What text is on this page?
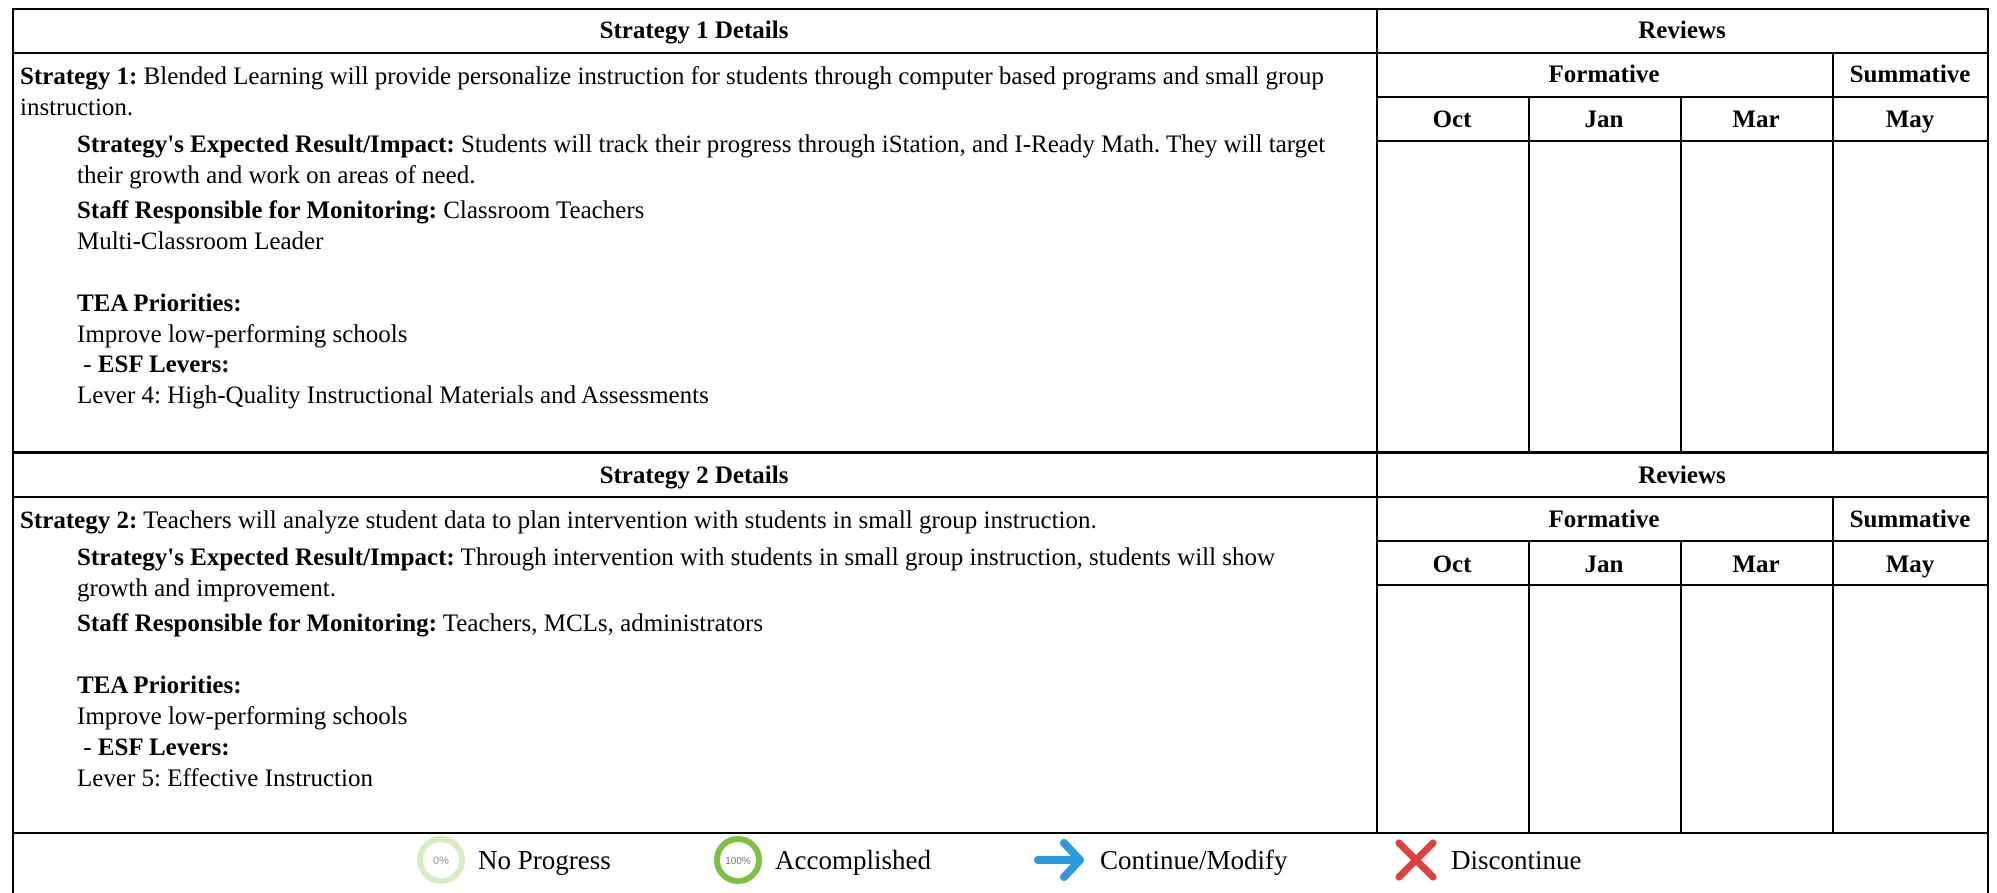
Strategy 1 Details	Reviews
Formative	Summative
Oct	Jan	Mar	May
Strategy 1: Blended Learning will provide personalize instruction for students through computer based programs and small group instruction.
Strategy's Expected Result/Impact: Students will track their progress through iStation, and I-Ready Math. They will target their growth and work on areas of need.
Staff Responsible for Monitoring: Classroom Teachers
Multi-Classroom Leader
TEA Priorities:
Improve low-performing schools
- ESF Levers:
Lever 4: High-Quality Instructional Materials and Assessments
Strategy 2 Details	Reviews
Formative	Summative
Oct	Jan	Mar	May
Strategy 2: Teachers will analyze student data to plan intervention with students in small group instruction.
Strategy's Expected Result/Impact: Through intervention with students in small group instruction, students will show growth and improvement.
Staff Responsible for Monitoring: Teachers, MCLs, administrators
TEA Priorities:
Improve low-performing schools
- ESF Levers:
Lever 5: Effective Instruction
0% No Progress	100% Accomplished	Continue/Modify	Discontinue
